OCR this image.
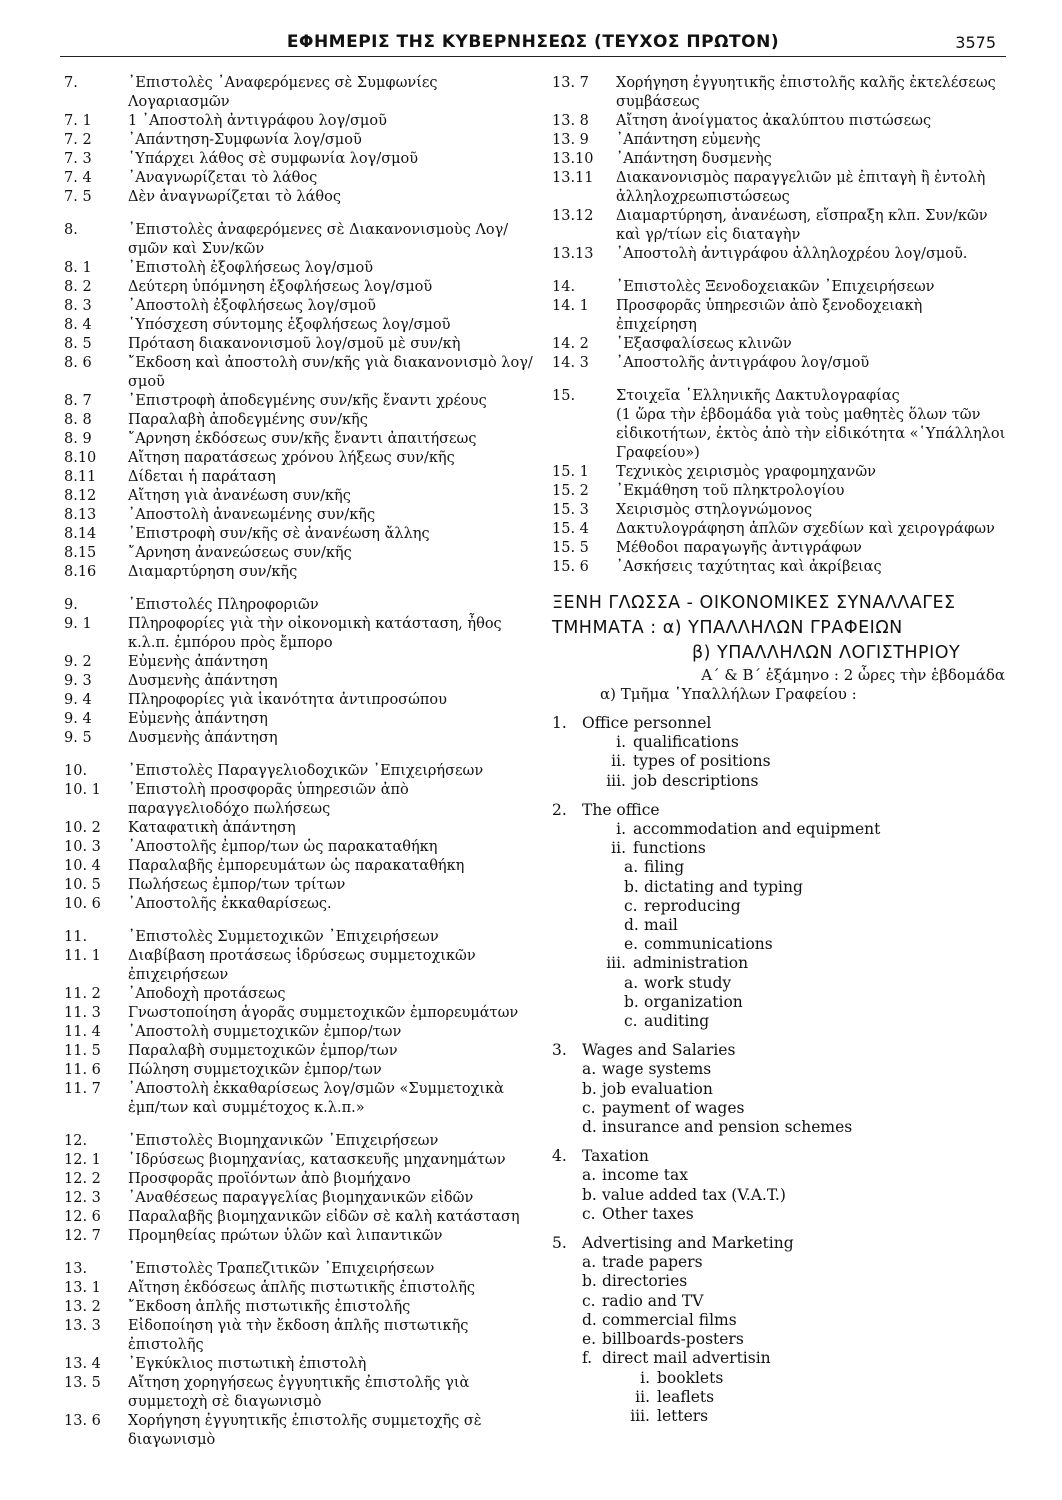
ΕΦΗΜΕΡΙΣ ΤΗΣ ΚΥΒΕΡΝΗΣΕΩΣ (ΤΕΥΧΟΣ ΠΡΩΤΟΝ)	3575
7.	᾿Επιστολὲς ᾿Αναφερόμενες σὲ Συμφωνίες Λογαριασμῶν
7. 1	1 ᾿Αποστολὴ ἀντιγράφου λογ/σμοῦ
7. 2	᾿Απάντηση-Συμφωνία λογ/σμοῦ
7. 3	῾Υπάρχει λάθος σὲ συμφωνία λογ/σμοῦ
7. 4	᾿Αναγνωρίζεται τὸ λάθος
7. 5	Δὲν ἀναγνωρίζεται τὸ λάθος
8.	᾿Επιστολὲς ἀναφερόμενες σὲ Διακανονισμοὺς Λογ/σμῶν καὶ Συν/κῶν
8. 1	᾿Επιστολὴ ἐξοφλήσεως λογ/σμοῦ
8. 2	Δεύτερη ὑπόμνηση ἐξοφλήσεως λογ/σμοῦ
8. 3	᾿Αποστολὴ ἐξοφλήσεως λογ/σμοῦ
8. 4	῾Υπόσχεση σύντομης ἐξοφλήσεως λογ/σμοῦ
8. 5	Πρόταση διακανονισμοῦ λογ/σμοῦ μὲ συν/κὴ
8. 6	῎Εκδοση καὶ ἀποστολὴ συν/κῆς γιὰ διακανονισμὸ λογ/σμοῦ
8. 7	᾿Επιστροφὴ ἀποδεγμένης συν/κῆς ἔναντι χρέους
8. 8	Παραλαβὴ ἀποδεγμένης συν/κῆς
8. 9	῎Αρνηση ἐκδόσεως συν/κῆς ἔναντι ἀπαιτήσεως
8.10	Αἴτηση παρατάσεως χρόνου λήξεως συν/κῆς
8.11	Δίδεται ἡ παράταση
8.12	Αἴτηση γιὰ ἀνανέωση συν/κῆς
8.13	᾿Αποστολὴ ἀνανεωμένης συν/κῆς
8.14	᾿Επιστροφὴ συν/κῆς σὲ ἀνανέωση ἄλλης
8.15	῎Αρνηση ἀνανεώσεως συν/κῆς
8.16	Διαμαρτύρηση συν/κῆς
9.	᾿Επιστολές Πληροφοριῶν
9. 1	Πληροφορίες γιὰ τὴν οἰκονομικὴ κατάσταση, ἦθος κ.λ.π. ἐμπόρου πρὸς ἔμπορο
9. 2	Εὐμενὴς ἀπάντηση
9. 3	Δυσμενὴς ἀπάντηση
9. 4	Πληροφορίες γιὰ ἱκανότητα ἀντιπροσώπου
9. 4	Εὐμενὴς ἀπάντηση
9. 5	Δυσμενὴς ἀπάντηση
10.	᾿Επιστολὲς Παραγγελιοδοχικῶν ᾿Επιχειρήσεων
10. 1	᾿Επιστολὴ προσφορᾶς ὑπηρεσιῶν ἀπὸ παραγγελιοδόχο πωλήσεως
10. 2	Καταφατικὴ ἀπάντηση
10. 3	᾿Αποστολῆς ἐμπορ/των ὡς παρακαταθήκη
10. 4	Παραλαβῆς ἐμπορευμάτων ὡς παρακαταθήκη
10. 5	Πωλήσεως ἐμπορ/των τρίτων
10. 6	᾿Αποστολῆς ἐκκαθαρίσεως.
11.	᾿Επιστολὲς Συμμετοχικῶν ᾿Επιχειρήσεων
11. 1	Διαβίβαση προτάσεως ἱδρύσεως συμμετοχικῶν ἐπιχειρήσεων
11. 2	᾿Αποδοχὴ προτάσεως
11. 3	Γνωστοποίηση ἀγορᾶς συμμετοχικῶν ἐμπορευμάτων
11. 4	᾿Αποστολὴ συμμετοχικῶν ἐμπορ/των
11. 5	Παραλαβὴ συμμετοχικῶν ἐμπορ/των
11. 6	Πώληση συμμετοχικῶν ἐμπορ/των
11. 7	᾿Αποστολὴ ἐκκαθαρίσεως λογ/σμῶν «Συμμετοχικὰ ἐμπ/των καὶ συμμέτοχος κ.λ.π.»
12.	᾿Επιστολὲς Βιομηχανικῶν ᾿Επιχειρήσεων
12. 1	῾Ιδρύσεως βιομηχανίας, κατασκευῆς μηχανημάτων
12. 2	Προσφορᾶς προϊόντων ἀπὸ βιομήχανο
12. 3	᾿Αναθέσεως παραγγελίας βιομηχανικῶν εἰδῶν
12. 6	Παραλαβῆς βιομηχανικῶν εἰδῶν σὲ καλὴ κατάσταση
12. 7	Προμηθείας πρώτων ὑλῶν καὶ λιπαντικῶν
13.	᾿Επιστολὲς Τραπεζιτικῶν ᾿Επιχειρήσεων
13. 1	Αἴτηση ἐκδόσεως ἁπλῆς πιστωτικῆς ἐπιστολῆς
13. 2	῎Εκδοση ἁπλῆς πιστωτικῆς ἐπιστολῆς
13. 3	Εἰδοποίηση γιὰ τὴν ἔκδοση ἁπλῆς πιστωτικῆς ἐπιστολῆς
13. 4	᾿Εγκύκλιος πιστωτικὴ ἐπιστολὴ
13. 5	Αἴτηση χορηγήσεως ἐγγυητικῆς ἐπιστολῆς γιὰ συμμετοχὴ σὲ διαγωνισμὸ
13. 6	Χορήγηση ἐγγυητικῆς ἐπιστολῆς συμμετοχῆς σὲ διαγωνισμὸ
13. 7	Χορήγηση ἐγγυητικῆς ἐπιστολῆς καλῆς ἐκτελέσεως συμβάσεως
13. 8	Αἴτηση ἀνοίγματος ἀκαλύπτου πιστώσεως
13. 9	᾿Απάντηση εὐμενὴς
13.10	᾿Απάντηση δυσμενὴς
13.11	Διακανονισμὸς παραγγελιῶν μὲ ἐπιταγὴ ἢ ἐντολὴ ἀλληλοχρεωπιστώσεως
13.12	Διαμαρτύρηση, ἀνανέωση, εἴσπραξη κλπ. Συν/κῶν καὶ γρ/τίων εἰς διαταγὴν
13.13	᾿Αποστολὴ ἀντιγράφου ἀλληλοχρέου λογ/σμοῦ.
14.	᾿Επιστολὲς Ξενοδοχειακῶν ᾿Επιχειρήσεων
14. 1	Προσφορᾶς ὑπηρεσιῶν ἀπὸ ξενοδοχειακὴ ἐπιχείρηση
14. 2	᾿Εξασφαλίσεως κλινῶν
14. 3	᾿Αποστολῆς ἀντιγράφου λογ/σμοῦ
15.	Στοιχεῖα ῾Ελληνικῆς Δακτυλογραφίας
(1 ὥρα τὴν ἑβδομάδα γιὰ τοὺς μαθητὲς ὅλων τῶν εἰδικοτήτων, ἐκτὸς ἀπὸ τὴν εἰδικότητα «῾Υπάλληλοι Γραφείου»)
15. 1	Τεχνικὸς χειρισμὸς γραφομηχανῶν
15. 2	᾿Εκμάθηση τοῦ πληκτρολογίου
15. 3	Χειρισμὸς στηλογνώμονος
15. 4	Δακτυλογράφηση ἁπλῶν σχεδίων καὶ χειρογράφων
15. 5	Μέθοδοι παραγωγῆς ἀντιγράφων
15. 6	᾿Ασκήσεις ταχύτητας καὶ ἀκρίβειας
ΞΕΝΗ ΓΛΩΣΣΑ - ΟΙΚΟΝΟΜΙΚΕΣ ΣΥΝΑΛΛΑΓΕΣ
ΤΜΗΜΑΤΑ : α) ΥΠΑΛΛΗΛΩΝ ΓΡΑΦΕΙΩΝ
β) ΥΠΑΛΛΗΛΩΝ ΛΟΓΙΣΤΗΡΙΟΥ
Α΄ & Β΄ ἑξάμηνο : 2 ὧρες τὴν ἑβδομάδα
α) Τμῆμα ῾Υπαλλήλων Γραφείου :
1. Office personnel
i. qualifications
ii. types of positions
iii. job descriptions
2. The office
i. accommodation and equipment
ii. functions
a. filing
b. dictating and typing
c. reproducing
d. mail
e. communications
iii. administration
a. work study
b. organization
c. auditing
3. Wages and Salaries
a. wage systems
b. job evaluation
c. payment of wages
d. insurance and pension schemes
4. Taxation
a. income tax
b. value added tax (V.A.T.)
c. Other taxes
5. Advertising and Marketing
a. trade papers
b. directories
c. radio and TV
d. commercial films
e. billboards-posters
f. direct mail advertisin
i. booklets
ii. leaflets
iii. letters
